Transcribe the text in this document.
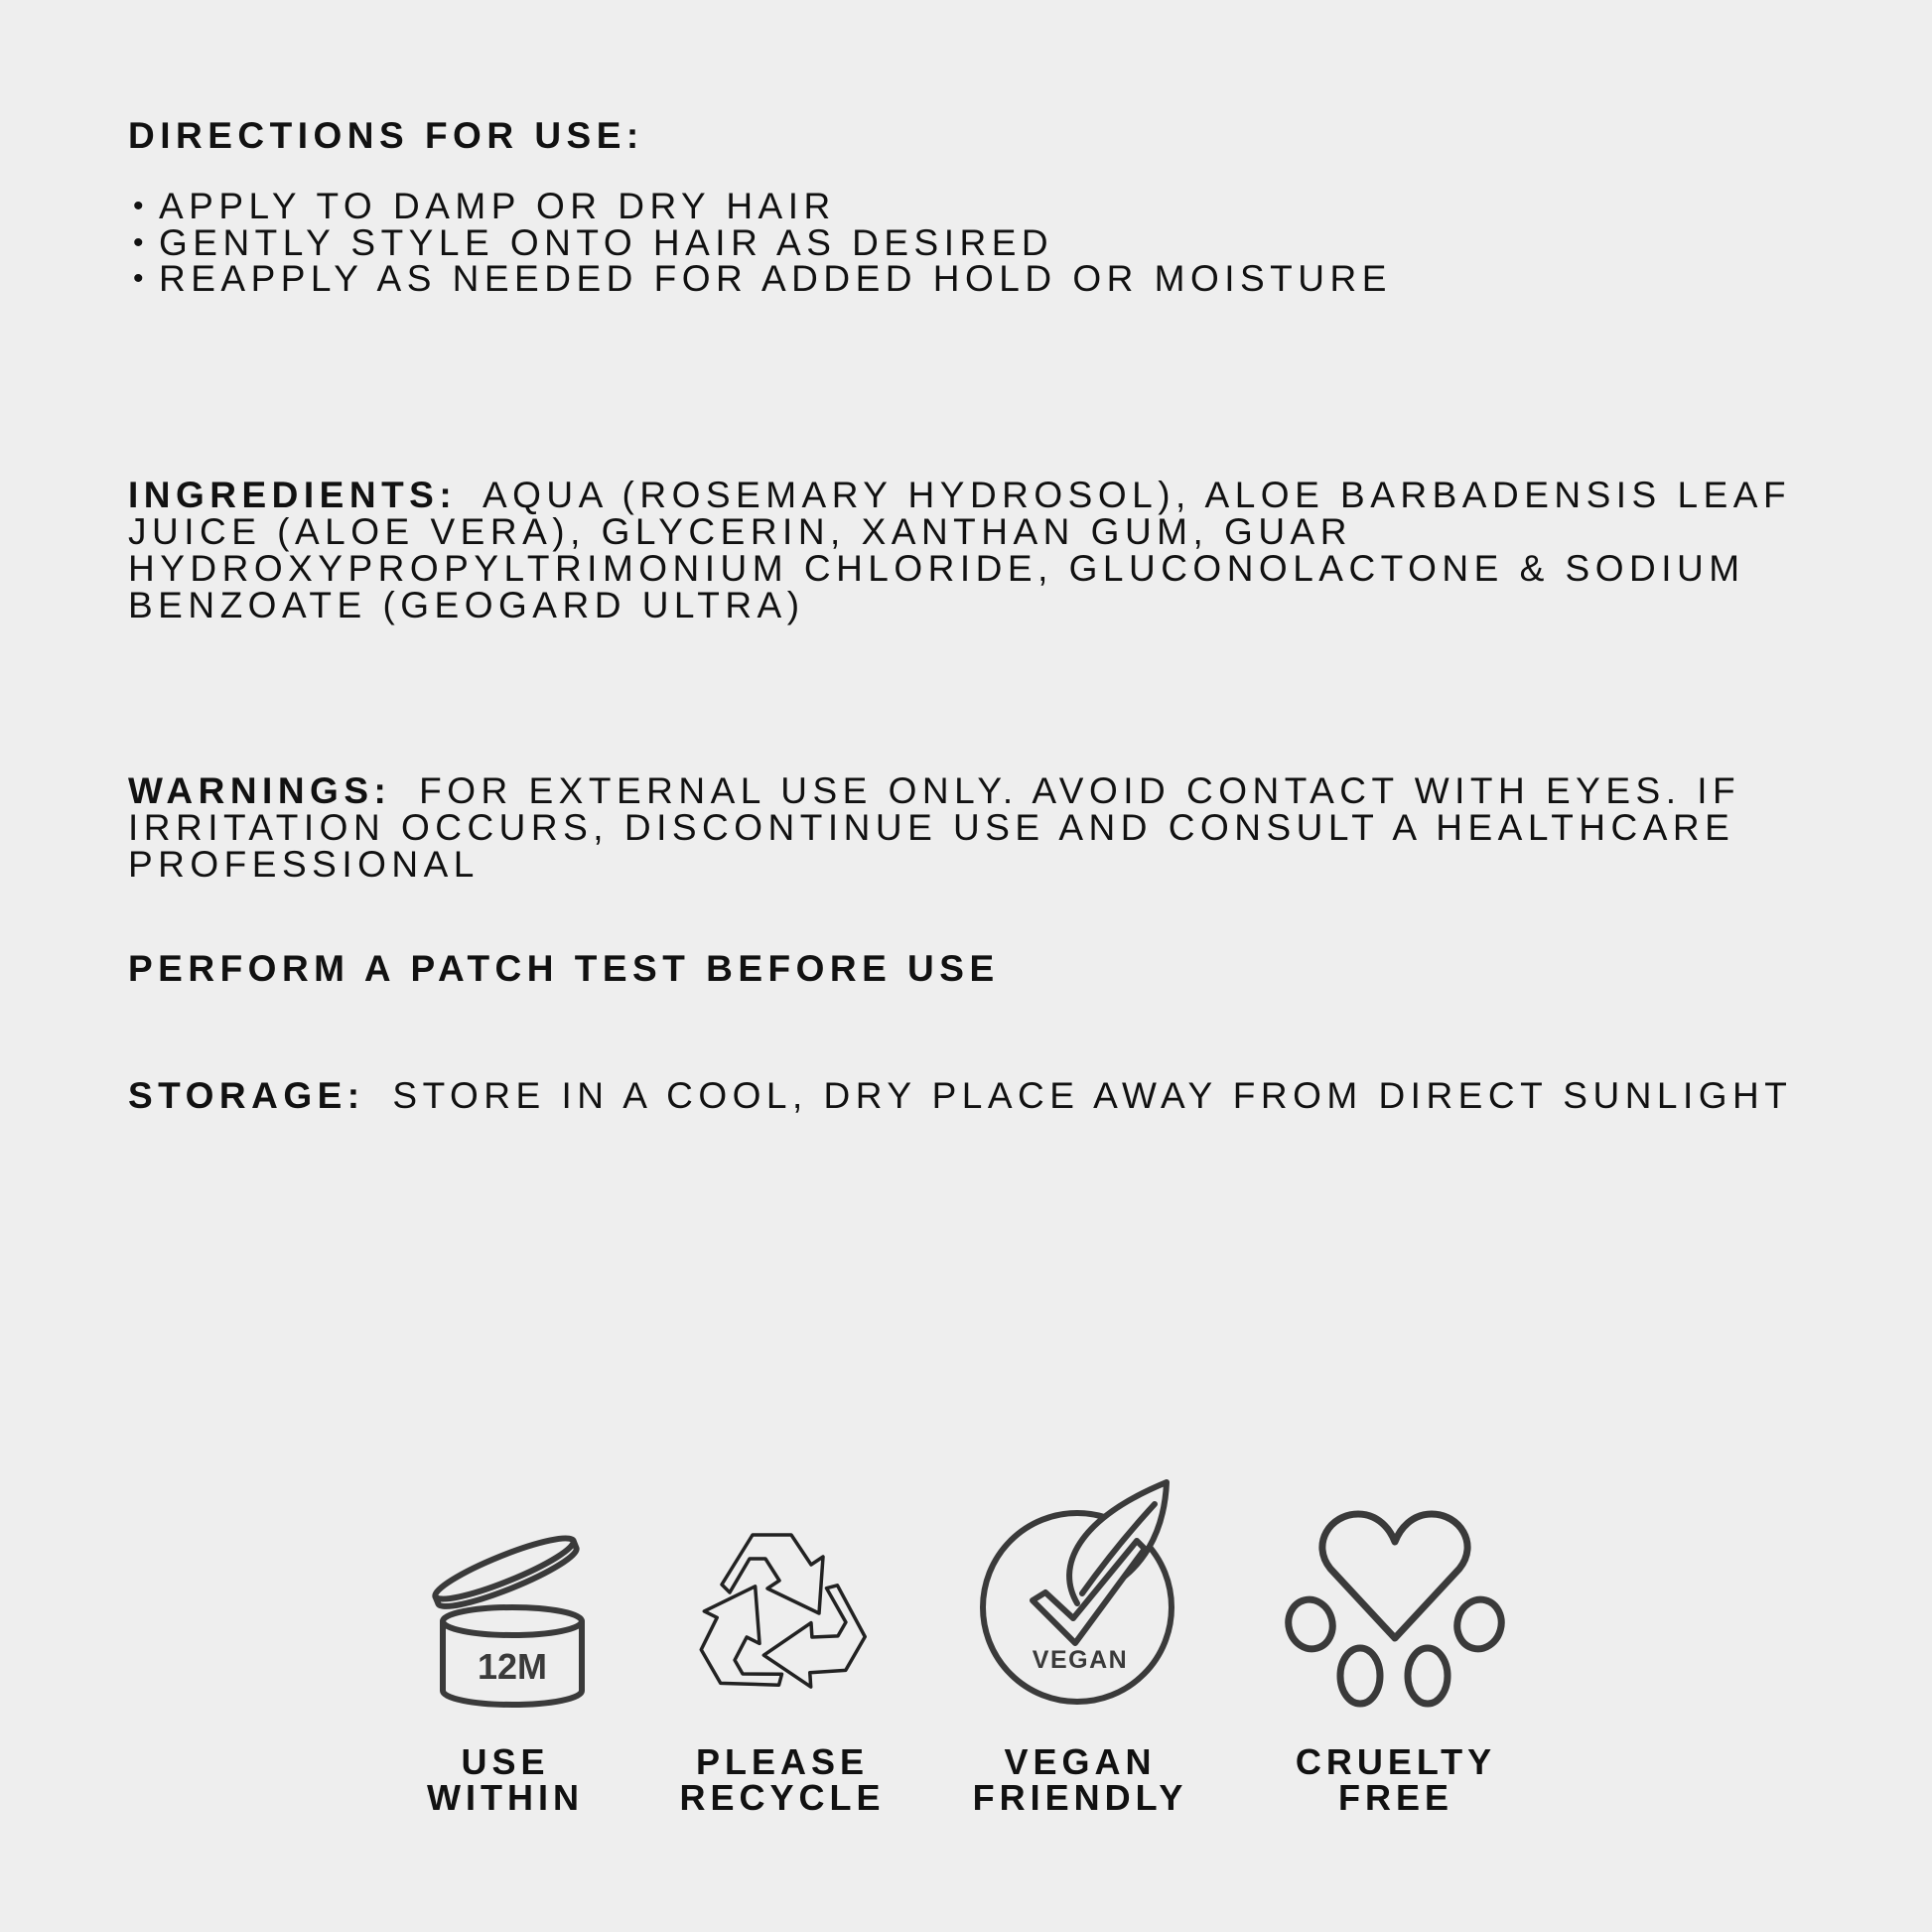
DIRECTIONS FOR USE:
• APPLY TO DAMP OR DRY HAIR
• GENTLY STYLE ONTO HAIR AS DESIRED
• REAPPLY AS NEEDED FOR ADDED HOLD OR MOISTURE
INGREDIENTS: AQUA (ROSEMARY HYDROSOL), ALOE BARBADENSIS LEAF JUICE (ALOE VERA), GLYCERIN, XANTHAN GUM, GUAR HYDROXYPROPYLTRIMONIUM CHLORIDE, GLUCONOLACTONE & SODIUM BENZOATE (GEOGARD ULTRA)
WARNINGS: FOR EXTERNAL USE ONLY. AVOID CONTACT WITH EYES. IF IRRITATION OCCURS, DISCONTINUE USE AND CONSULT A HEALTHCARE PROFESSIONAL
PERFORM A PATCH TEST BEFORE USE
STORAGE: STORE IN A COOL, DRY PLACE AWAY FROM DIRECT SUNLIGHT
12M	VEGAN
USE
WITHIN
PLEASE
RECYCLE
VEGAN
FRIENDLY
CRUELTY
FREE
